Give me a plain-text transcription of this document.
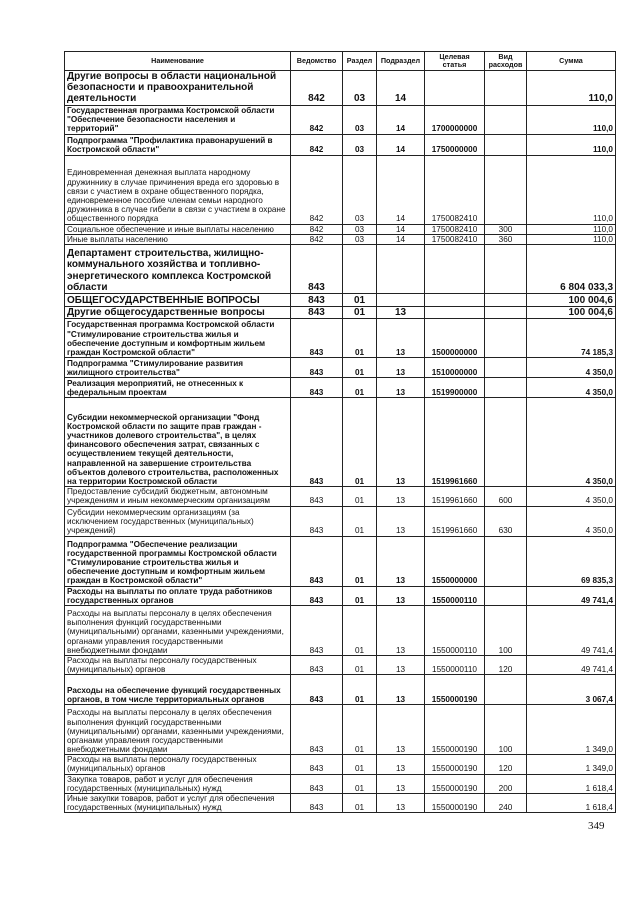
Наименование	Ведомство	Раздел	Подраздел	Целевая статья	Вид расходов	Сумма
Другие вопросы в области национальной безопасности и правоохранительной деятельности	842	03	14			110,0
Государственная программа Костромской области "Обеспечение безопасности населения и территорий"	842	03	14	1700000000		110,0
Подпрограмма "Профилактика правонарушений в Костромской области"	842	03	14	1750000000		110,0
Единовременная денежная выплата народному дружиннику в случае причинения вреда его здоровью в связи с участием в охране общественного порядка, единовременное пособие членам семьи народного дружинника в случае гибели в связи с участием в охране общественного порядка	842	03	14	1750082410		110,0
Социальное обеспечение и иные выплаты населению	842	03	14	1750082410	300	110,0
Иные выплаты населению	842	03	14	1750082410	360	110,0
Департамент строительства, жилищно-коммунального хозяйства и топливно-энергетического комплекса Костромской области	843					6 804 033,3
ОБЩЕГОСУДАРСТВЕННЫЕ ВОПРОСЫ	843	01				100 004,6
Другие общегосударственные вопросы	843	01	13			100 004,6
Государственная программа Костромской области "Стимулирование строительства жилья и обеспечение доступным и комфортным жильем граждан Костромской области"	843	01	13	1500000000		74 185,3
Подпрограмма "Стимулирование развития жилищного строительства"	843	01	13	1510000000		4 350,0
Реализация мероприятий, не отнесенных к федеральным проектам	843	01	13	1519900000		4 350,0
Субсидии некоммерческой организации "Фонд Костромской области по защите прав граждан - участников долевого строительства", в целях финансового обеспечения затрат, связанных с осуществлением текущей деятельности, направленной на завершение строительства объектов долевого строительства, расположенных на территории Костромской области	843	01	13	1519961660		4 350,0
Предоставление субсидий бюджетным, автономным учреждениям и иным некоммерческим организациям	843	01	13	1519961660	600	4 350,0
Субсидии некоммерческим организациям (за исключением государственных (муниципальных) учреждений)	843	01	13	1519961660	630	4 350,0
Подпрограмма "Обеспечение реализации государственной программы Костромской области "Стимулирование строительства жилья и обеспечение доступным и комфортным жильем граждан в Костромской области"	843	01	13	1550000000		69 835,3
Расходы на выплаты по оплате труда работников государственных органов	843	01	13	1550000110		49 741,4
Расходы на выплаты персоналу в целях обеспечения выполнения функций государственными (муниципальными) органами, казенными учреждениями, органами управления государственными внебюджетными фондами	843	01	13	1550000110	100	49 741,4
Расходы на выплаты персоналу государственных (муниципальных) органов	843	01	13	1550000110	120	49 741,4
Расходы на обеспечение функций государственных органов, в том числе территориальных органов	843	01	13	1550000190		3 067,4
Расходы на выплаты персоналу в целях обеспечения выполнения функций государственными (муниципальными) органами, казенными учреждениями, органами управления государственными внебюджетными фондами	843	01	13	1550000190	100	1 349,0
Расходы на выплаты персоналу государственных (муниципальных) органов	843	01	13	1550000190	120	1 349,0
Закупка товаров, работ и услуг для обеспечения государственных (муниципальных) нужд	843	01	13	1550000190	200	1 618,4
Иные закупки товаров, работ и услуг для обеспечения государственных (муниципальных) нужд	843	01	13	1550000190	240	1 618,4
349
